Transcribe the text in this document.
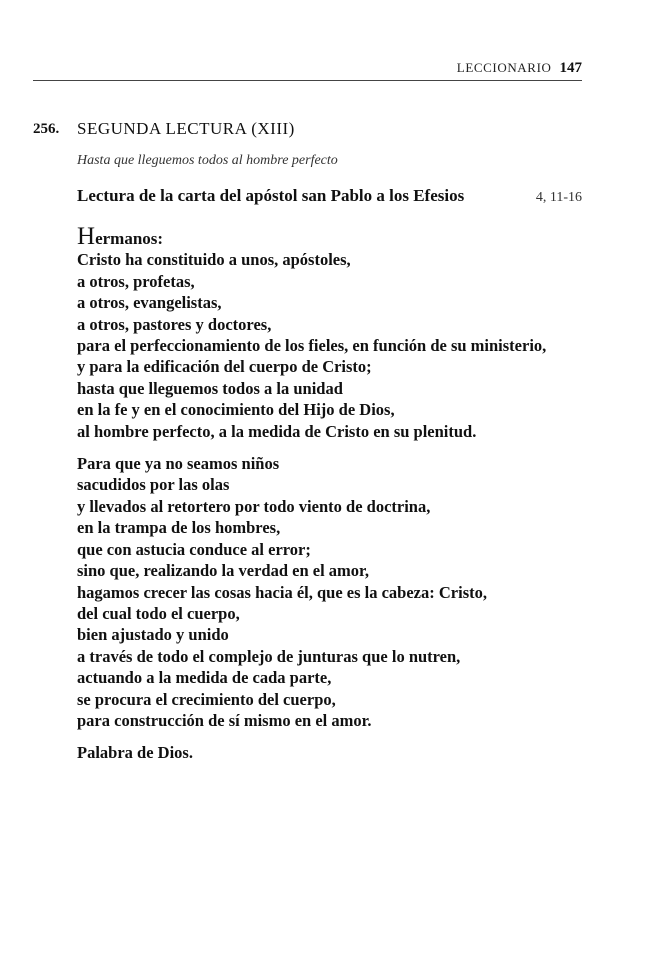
LECCIONARIO 147
256. SEGUNDA LECTURA (XIII)
Hasta que lleguemos todos al hombre perfecto
Lectura de la carta del apóstol san Pablo a los Efesios	4, 11-16
Hermanos:
Cristo ha constituido a unos, apóstoles,
a otros, profetas,
a otros, evangelistas,
a otros, pastores y doctores,
para el perfeccionamiento de los fieles, en función de su ministerio,
y para la edificación del cuerpo de Cristo;
hasta que lleguemos todos a la unidad
en la fe y en el conocimiento del Hijo de Dios,
al hombre perfecto, a la medida de Cristo en su plenitud.
Para que ya no seamos niños
sacudidos por las olas
y llevados al retortero por todo viento de doctrina,
en la trampa de los hombres,
que con astucia conduce al error;
sino que, realizando la verdad en el amor,
hagamos crecer las cosas hacia él, que es la cabeza: Cristo,
del cual todo el cuerpo,
bien ajustado y unido
a través de todo el complejo de junturas que lo nutren,
actuando a la medida de cada parte,
se procura el crecimiento del cuerpo,
para construcción de sí mismo en el amor.
Palabra de Dios.
